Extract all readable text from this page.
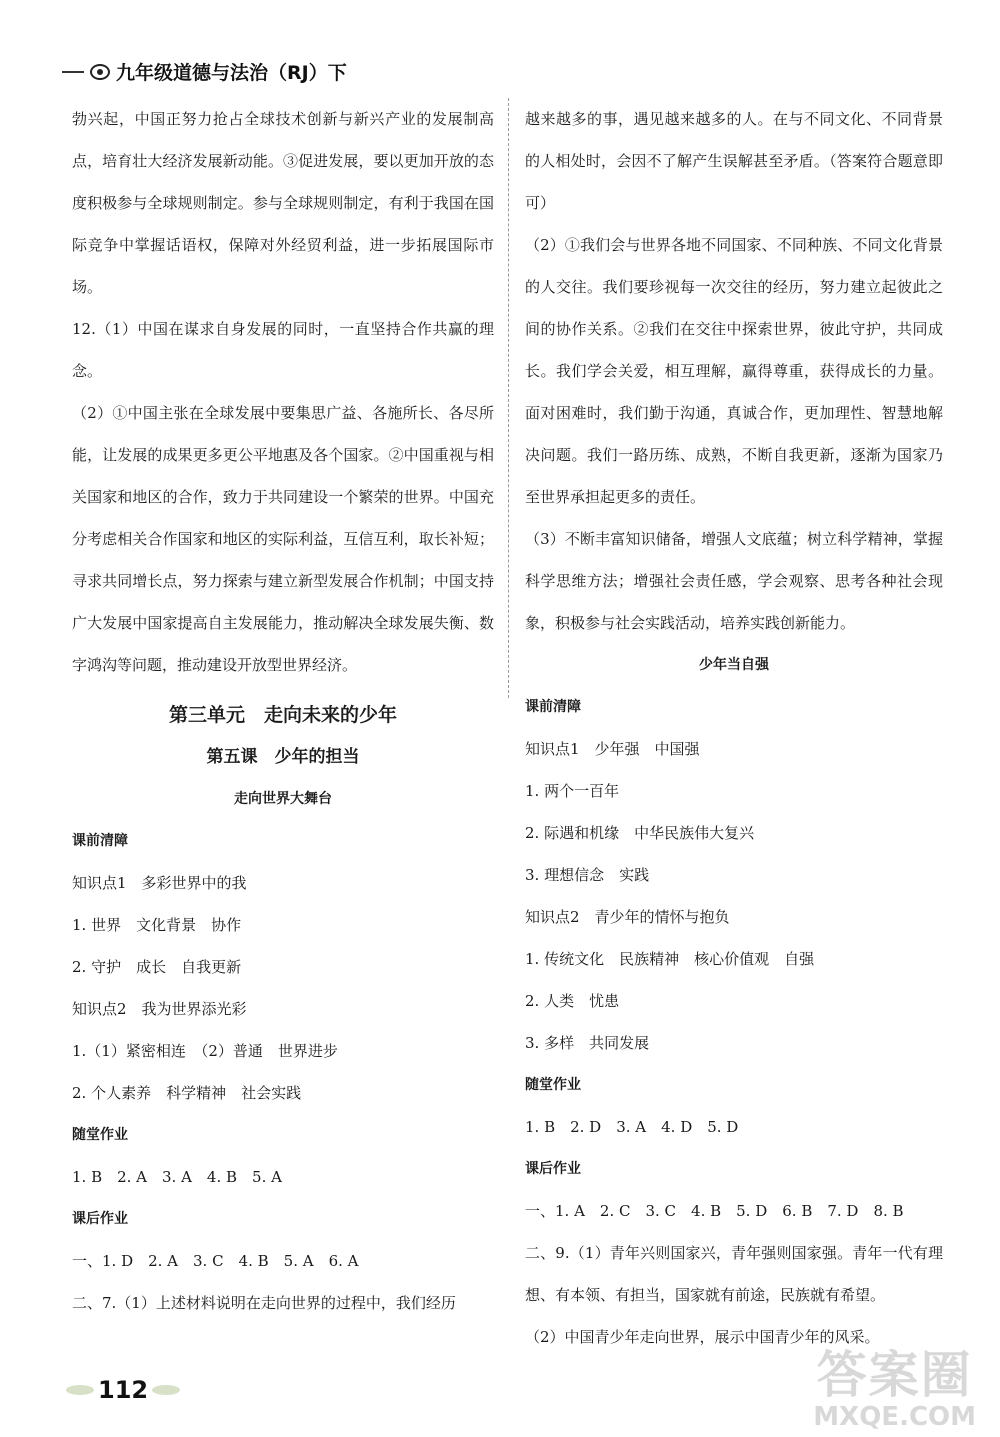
九年级道德与法治（RJ）下

勃兴起，中国正努力抢占全球技术创新与新兴产业的发展制高点，培育壮大经济发展新动能。③促进发展，要以更加开放的态度积极参与全球规则制定。参与全球规则制定，有利于我国在国际竞争中掌握话语权，保障对外经贸利益，进一步拓展国际市场。

12.（1）中国在谋求自身发展的同时，一直坚持合作共赢的理念。

（2）①中国主张在全球发展中要集思广益、各施所长、各尽所能，让发展的成果更多更公平地惠及各个国家。②中国重视与相关国家和地区的合作，致力于共同建设一个繁荣的世界。中国充分考虑相关合作国家和地区的实际利益，互信互利，取长补短；寻求共同增长点，努力探索与建立新型发展合作机制；中国支持广大发展中国家提高自主发展能力，推动解决全球发展失衡、数字鸿沟等问题，推动建设开放型世界经济。

第三单元　走向未来的少年
第五课　少年的担当
走向世界大舞台
课前清障

知识点1　多彩世界中的我

1. 世界　文化背景　协作

2. 守护　成长　自我更新

知识点2　我为世界添光彩

1.（1）紧密相连　（2）普通　世界进步

2. 个人素养　科学精神　社会实践

随堂作业

1. B　2. A　3. A　4. B　5. A

课后作业

一、1. D　2. A　3. C　4. B　5. A　6. A

二、7.（1）上述材料说明在走向世界的过程中，我们经历

越来越多的事，遇见越来越多的人。在与不同文化、不同背景的人相处时，会因不了解产生误解甚至矛盾。（答案符合题意即可）

（2）①我们会与世界各地不同国家、不同种族、不同文化背景的人交往。我们要珍视每一次交往的经历，努力建立起彼此之间的协作关系。②我们在交往中探索世界，彼此守护，共同成长。我们学会关爱，相互理解，赢得尊重，获得成长的力量。面对困难时，我们勤于沟通，真诚合作，更加理性、智慧地解决问题。我们一路历练、成熟，不断自我更新，逐渐为国家乃至世界承担起更多的责任。

（3）不断丰富知识储备，增强人文底蕴；树立科学精神，掌握科学思维方法；增强社会责任感，学会观察、思考各种社会现象，积极参与社会实践活动，培养实践创新能力。

少年当自强
课前清障

知识点1　少年强　中国强

1. 两个一百年

2. 际遇和机缘　中华民族伟大复兴

3. 理想信念　实践

知识点2　青少年的情怀与抱负

1. 传统文化　民族精神　核心价值观　自强

2. 人类　忧患

3. 多样　共同发展

随堂作业

1. B　2. D　3. A　4. D　5. D

课后作业

一、1. A　2. C　3. C　4. B　5. D　6. B　7. D　8. B

二、9.（1）青年兴则国家兴，青年强则国家强。青年一代有理想、有本领、有担当，国家就有前途，民族就有希望。

（2）中国青少年走向世界，展示中国青少年的风采。

112	答案圈
MXQE.COM
